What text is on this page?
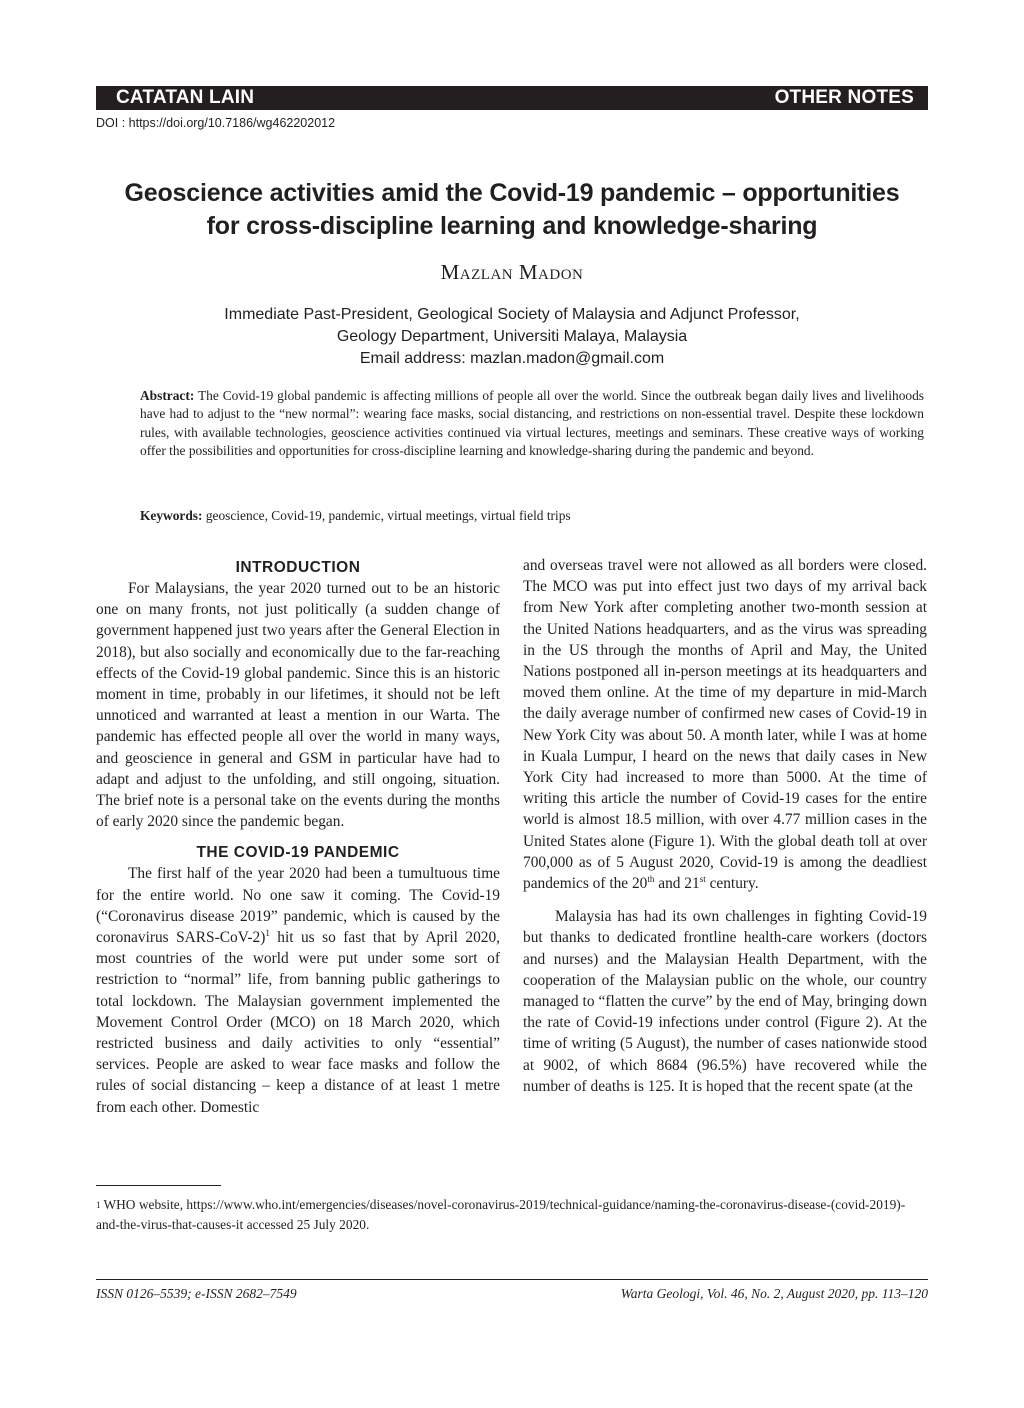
CATATAN LAIN	OTHER NOTES
DOI : https://doi.org/10.7186/wg462202012
Geoscience activities amid the Covid-19 pandemic – opportunities
for cross-discipline learning and knowledge-sharing
Mazlan Madon
Immediate Past-President, Geological Society of Malaysia and Adjunct Professor,
Geology Department, Universiti Malaya, Malaysia
Email address: mazlan.madon@gmail.com
Abstract: The Covid-19 global pandemic is affecting millions of people all over the world. Since the outbreak began daily lives and livelihoods have had to adjust to the “new normal”: wearing face masks, social distancing, and restrictions on non-essential travel. Despite these lockdown rules, with available technologies, geoscience activities continued via virtual lectures, meetings and seminars. These creative ways of working offer the possibilities and opportunities for cross-discipline learning and knowledge-sharing during the pandemic and beyond.
Keywords: geoscience, Covid-19, pandemic, virtual meetings, virtual field trips
INTRODUCTION

For Malaysians, the year 2020 turned out to be an historic one on many fronts, not just politically (a sudden change of government happened just two years after the General Election in 2018), but also socially and economically due to the far-reaching effects of the Covid-19 global pandemic. Since this is an historic moment in time, probably in our lifetimes, it should not be left unnoticed and warranted at least a mention in our Warta. The pandemic has effected people all over the world in many ways, and geoscience in general and GSM in particular have had to adapt and adjust to the unfolding, and still ongoing, situation. The brief note is a personal take on the events during the months of early 2020 since the pandemic began.

THE COVID-19 PANDEMIC

The first half of the year 2020 had been a tumultuous time for the entire world. No one saw it coming. The Covid-19 (“Coronavirus disease 2019” pandemic, which is caused by the coronavirus SARS-CoV-2)$^1$ hit us so fast that by April 2020, most countries of the world were put under some sort of restriction to “normal” life, from banning public gatherings to total lockdown. The Malaysian government implemented the Movement Control Order (MCO) on 18 March 2020, which restricted business and daily activities to only “essential” services. People are asked to wear face masks and follow the rules of social distancing – keep a distance of at least 1 metre from each other. Domestic

and overseas travel were not allowed as all borders were closed. The MCO was put into effect just two days of my arrival back from New York after completing another two-month session at the United Nations headquarters, and as the virus was spreading in the US through the months of April and May, the United Nations postponed all in-person meetings at its headquarters and moved them online. At the time of my departure in mid-March the daily average number of confirmed new cases of Covid-19 in New York City was about 50. A month later, while I was at home in Kuala Lumpur, I heard on the news that daily cases in New York City had increased to more than 5000. At the time of writing this article the number of Covid-19 cases for the entire world is almost 18.5 million, with over 4.77 million cases in the United States alone (Figure 1). With the global death toll at over 700,000 as of 5 August 2020, Covid-19 is among the deadliest pandemics of the 20th and 21st century.

Malaysia has had its own challenges in fighting Covid-19 but thanks to dedicated frontline health-care workers (doctors and nurses) and the Malaysian Health Department, with the cooperation of the Malaysian public on the whole, our country managed to “flatten the curve” by the end of May, bringing down the rate of Covid-19 infections under control (Figure 2). At the time of writing (5 August), the number of cases nationwide stood at 9002, of which 8684 (96.5%) have recovered while the number of deaths is 125. It is hoped that the recent spate (at the

$^1$ WHO website, https://www.who.int/emergencies/diseases/novel-coronavirus-2019/technical-guidance/naming-the-coronavirus-disease-(covid-2019)-and-the-virus-that-causes-it accessed 25 July 2020.
ISSN 0126–5539; e-ISSN 2682–7549	Warta Geologi, Vol. 46, No. 2, August 2020, pp. 113–120
